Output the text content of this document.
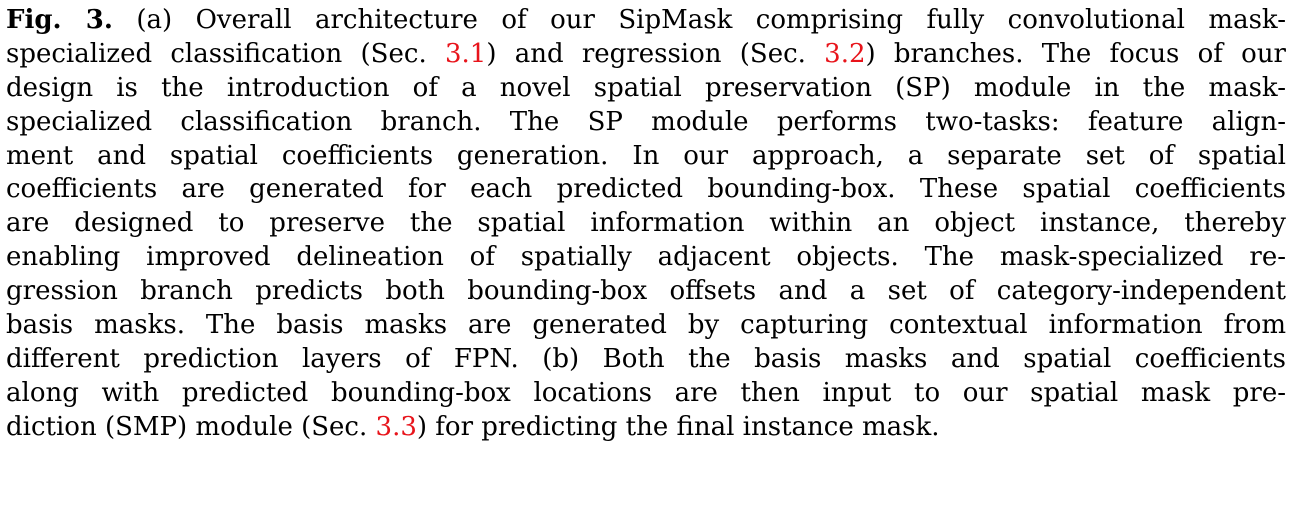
Fig. 3. (a) Overall architecture of our SipMask comprising fully convolutional mask-
specialized classification (Sec. 3.1) and regression (Sec. 3.2) branches. The focus of our
design is the introduction of a novel spatial preservation (SP) module in the mask-
specialized classification branch. The SP module performs two-tasks: feature align-
ment and spatial coefficients generation. In our approach, a separate set of spatial
coefficients are generated for each predicted bounding-box. These spatial coefficients
are designed to preserve the spatial information within an object instance, thereby
enabling improved delineation of spatially adjacent objects. The mask-specialized re-
gression branch predicts both bounding-box offsets and a set of category-independent
basis masks. The basis masks are generated by capturing contextual information from
different prediction layers of FPN. (b) Both the basis masks and spatial coefficients
along with predicted bounding-box locations are then input to our spatial mask pre-
diction (SMP) module (Sec. 3.3) for predicting the final instance mask.
